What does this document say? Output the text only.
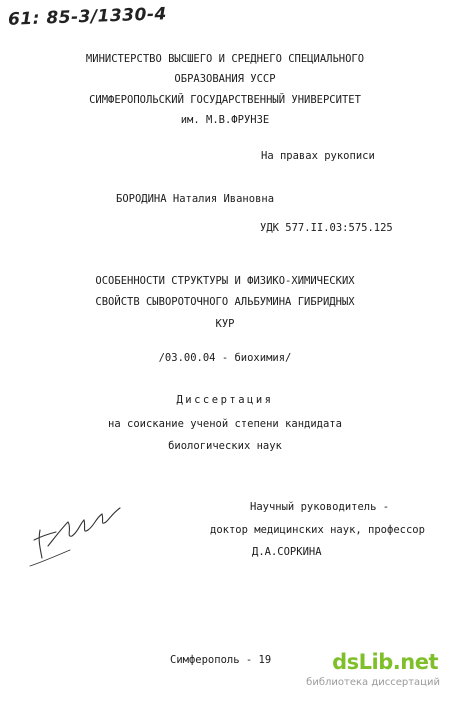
61: 85-3/1330-4
МИНИСТЕРСТВО ВЫСШЕГО И СРЕДНЕГО СПЕЦИАЛЬНОГО
ОБРАЗОВАНИЯ УССР
СИМФЕРОПОЛЬСКИЙ ГОСУДАРСТВЕННЫЙ УНИВЕРСИТЕТ
им. М.В.ФРУНЗЕ
На правах рукописи
БОРОДИНА Наталия Ивановна
УДК 577.II.03:575.125
ОСОБЕННОСТИ СТРУКТУРЫ И ФИЗИКО-ХИМИЧЕСКИХ
СВОЙСТВ СЫВОРОТОЧНОГО АЛЬБУМИНА ГИБРИДНЫХ
КУР
/03.00.04 - биохимия/
Диссертация
на соискание ученой степени кандидата
биологических наук
Научный руководитель -
доктор медицинских наук, профессор
Д.А.СОРКИНА
Симферополь - 19	dsLib.net
библиотека диссертаций
